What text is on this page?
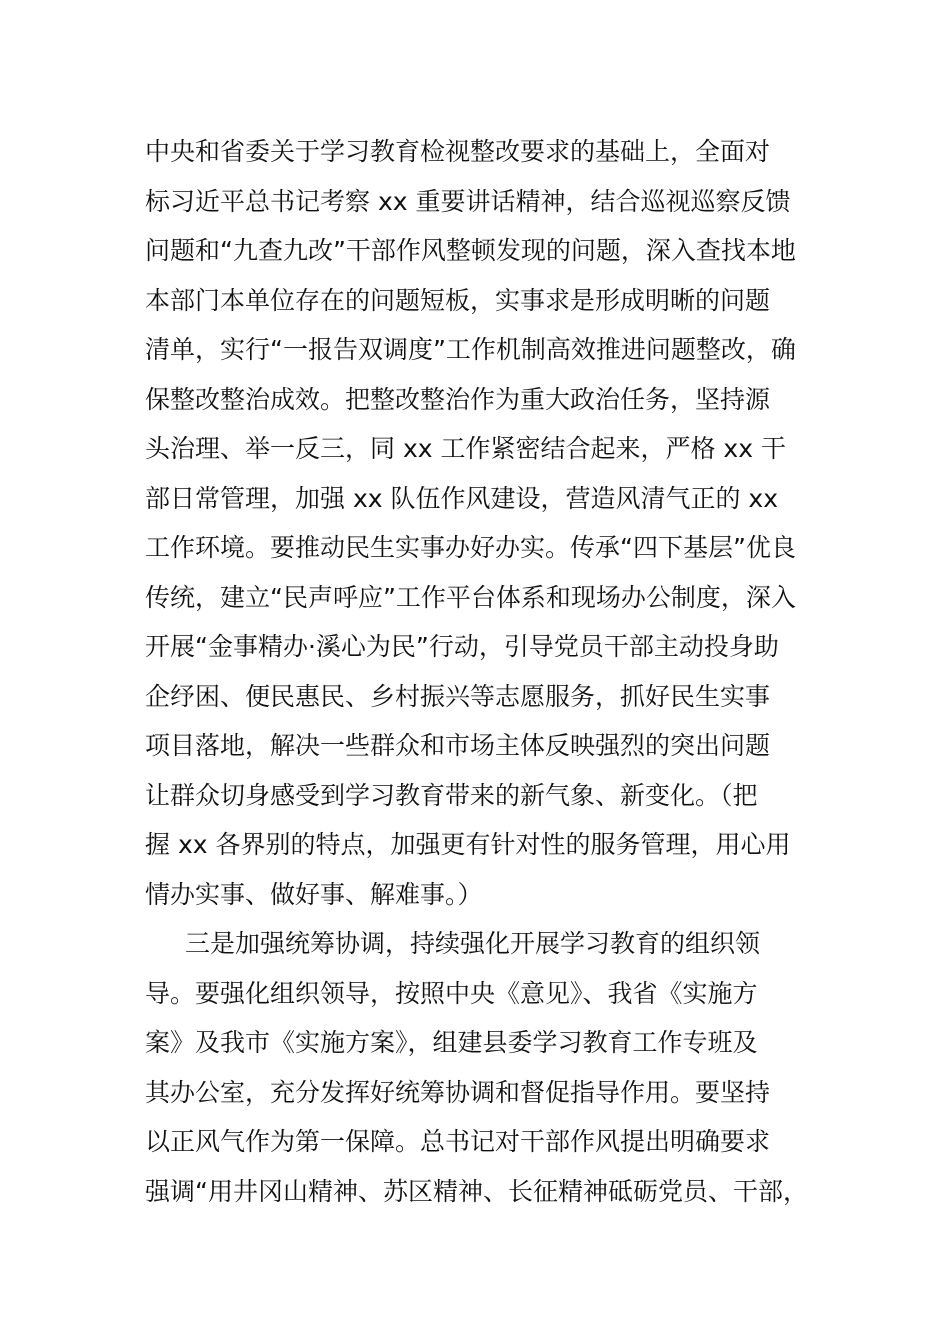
中央和省委关于学习教育检视整改要求的基础上，全面对
标习近平总书记考察 xx 重要讲话精神，结合巡视巡察反馈
问题和“九查九改”干部作风整顿发现的问题，深入查找本地
本部门本单位存在的问题短板，实事求是形成明晰的问题
清单，实行“一报告双调度”工作机制高效推进问题整改，确
保整改整治成效。把整改整治作为重大政治任务，坚持源
头治理、举一反三，同 xx 工作紧密结合起来，严格 xx 干
部日常管理，加强 xx 队伍作风建设，营造风清气正的 xx
工作环境。要推动民生实事办好办实。传承“四下基层”优良
传统，建立“民声呼应”工作平台体系和现场办公制度，深入
开展“金事精办·溪心为民”行动，引导党员干部主动投身助
企纾困、便民惠民、乡村振兴等志愿服务，抓好民生实事
项目落地，解决一些群众和市场主体反映强烈的突出问题
让群众切身感受到学习教育带来的新气象、新变化。（把
握 xx 各界别的特点，加强更有针对性的服务管理，用心用
情办实事、做好事、解难事。）
三是加强统筹协调，持续强化开展学习教育的组织领
导。要强化组织领导，按照中央《意见》、我省《实施方
案》及我市《实施方案》，组建县委学习教育工作专班及
其办公室，充分发挥好统筹协调和督促指导作用。要坚持
以正风气作为第一保障。总书记对干部作风提出明确要求
强调“用井冈山精神、苏区精神、长征精神砥砺党员、干部，
